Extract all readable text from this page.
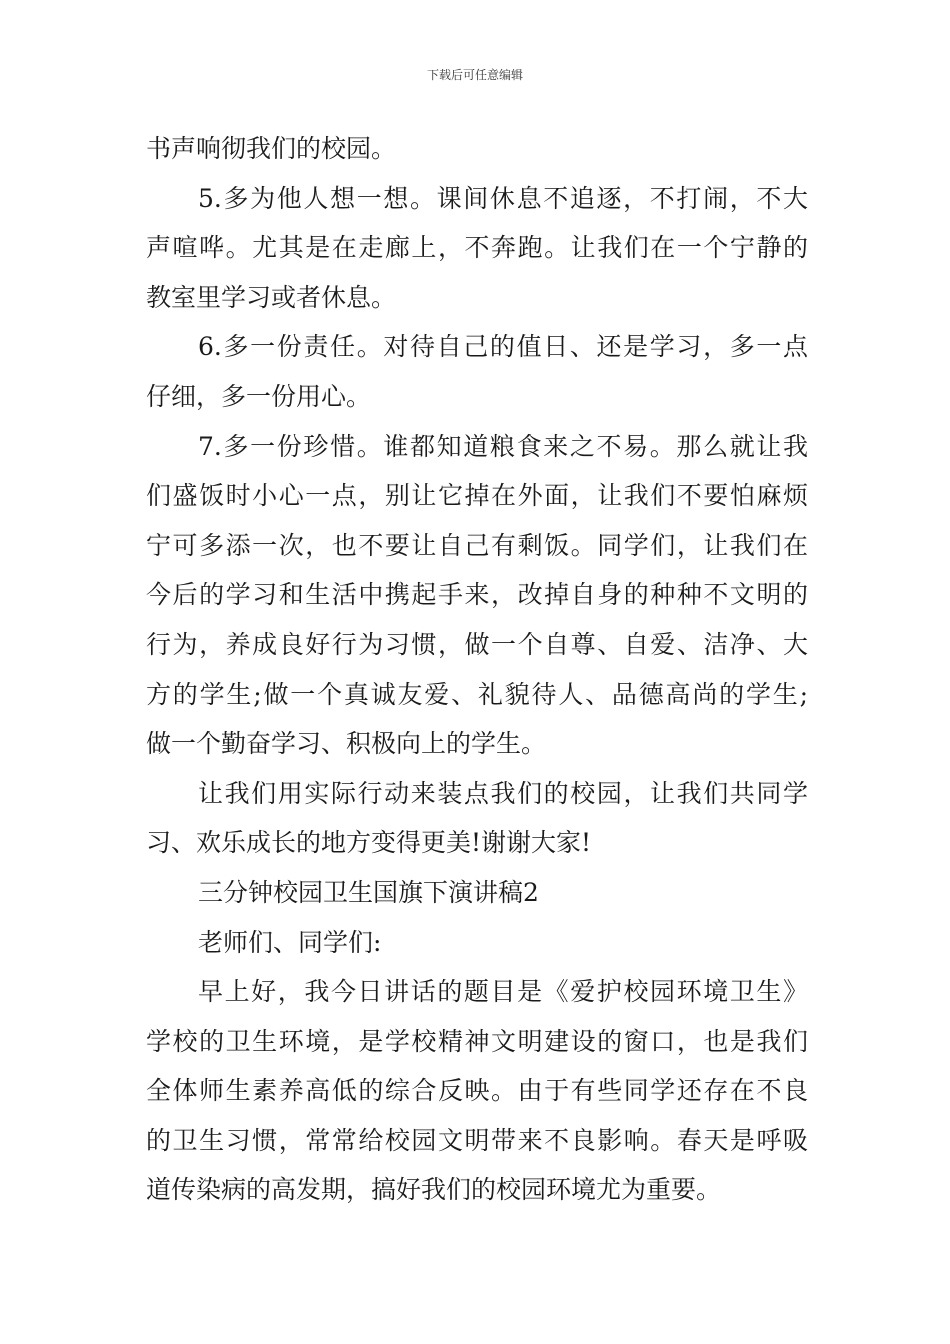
下载后可任意编辑
书声响彻我们的校园。
5.多为他人想一想。课间休息不追逐，不打闹，不大
声喧哗。尤其是在走廊上，不奔跑。让我们在一个宁静的
教室里学习或者休息。
6.多一份责任。对待自己的值日、还是学习，多一点
仔细，多一份用心。
7.多一份珍惜。谁都知道粮食来之不易。那么就让我
们盛饭时小心一点，别让它掉在外面，让我们不要怕麻烦
宁可多添一次，也不要让自己有剩饭。同学们，让我们在
今后的学习和生活中携起手来，改掉自身的种种不文明的
行为，养成良好行为习惯，做一个自尊、自爱、洁净、大
方的学生;做一个真诚友爱、礼貌待人、品德高尚的学生;
做一个勤奋学习、积极向上的学生。
让我们用实际行动来装点我们的校园，让我们共同学
习、欢乐成长的地方变得更美!谢谢大家!
三分钟校园卫生国旗下演讲稿2
老师们、同学们:
早上好，我今日讲话的题目是《爱护校园环境卫生》
学校的卫生环境，是学校精神文明建设的窗口，也是我们
全体师生素养高低的综合反映。由于有些同学还存在不良
的卫生习惯，常常给校园文明带来不良影响。春天是呼吸
道传染病的高发期，搞好我们的校园环境尤为重要。
